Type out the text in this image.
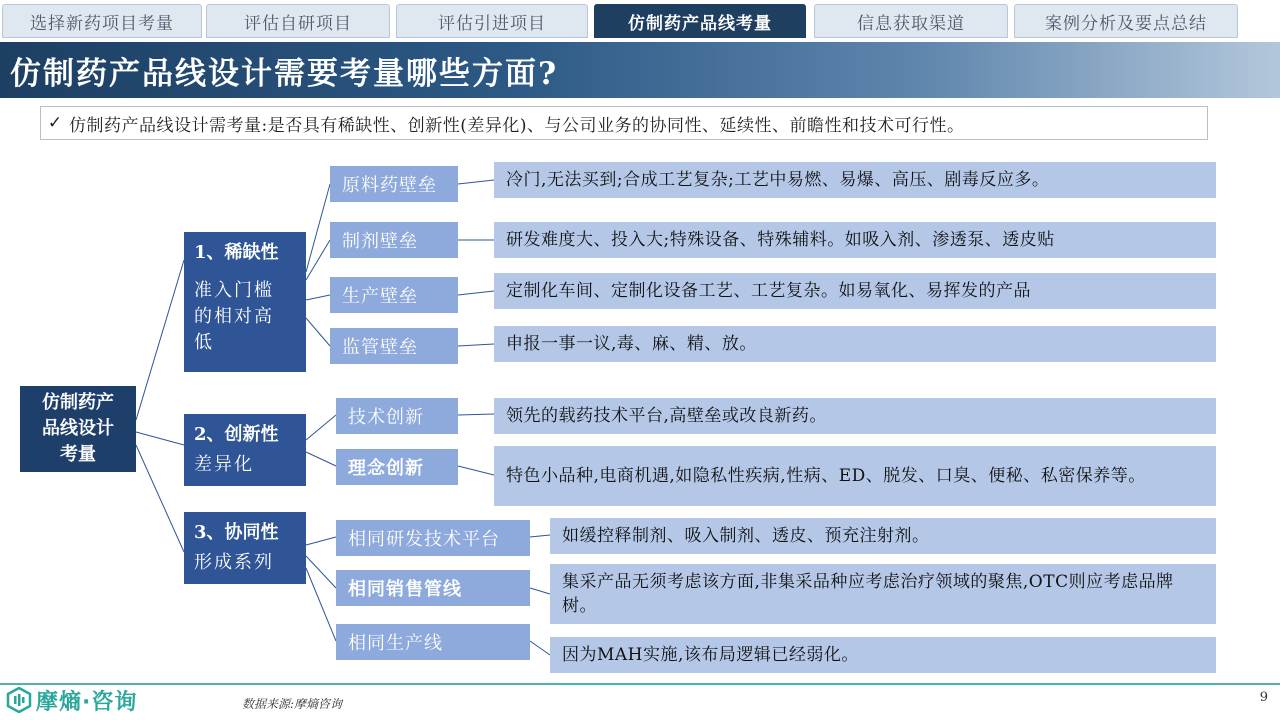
选择新药项目考量	评估自研项目	评估引进项目	仿制药产品线考量	信息获取渠道	案例分析及要点总结
仿制药产品线设计需要考量哪些方面?
✓ 仿制药产品线设计需考量:是否具有稀缺性、创新性(差异化)、与公司业务的协同性、延续性、前瞻性和技术可行性。
仿制药产
品线设计
考量
1、稀缺性
准入门槛
的相对高
低
2、创新性
差异化
3、协同性
形成系列
原料药壁垒
制剂壁垒
生产壁垒
监管壁垒
冷门,无法买到;合成工艺复杂;工艺中易燃、易爆、高压、剧毒反应多。
研发难度大、投入大;特殊设备、特殊辅料。如吸入剂、渗透泵、透皮贴
定制化车间、定制化设备工艺、工艺复杂。如易氧化、易挥发的产品
申报一事一议,毒、麻、精、放。
技术创新
理念创新
领先的载药技术平台,高壁垒或改良新药。
特色小品种,电商机遇,如隐私性疾病,性病、ED、脱发、口臭、便秘、私密保养等。
相同研发技术平台
相同销售管线
相同生产线
如缓控释制剂、吸入制剂、透皮、预充注射剂。
集采产品无须考虑该方面,非集采品种应考虑治疗领域的聚焦,OTC则应考虑品牌树。
因为MAH实施,该布局逻辑已经弱化。
摩熵·咨询	数据来源:摩熵咨询	9
